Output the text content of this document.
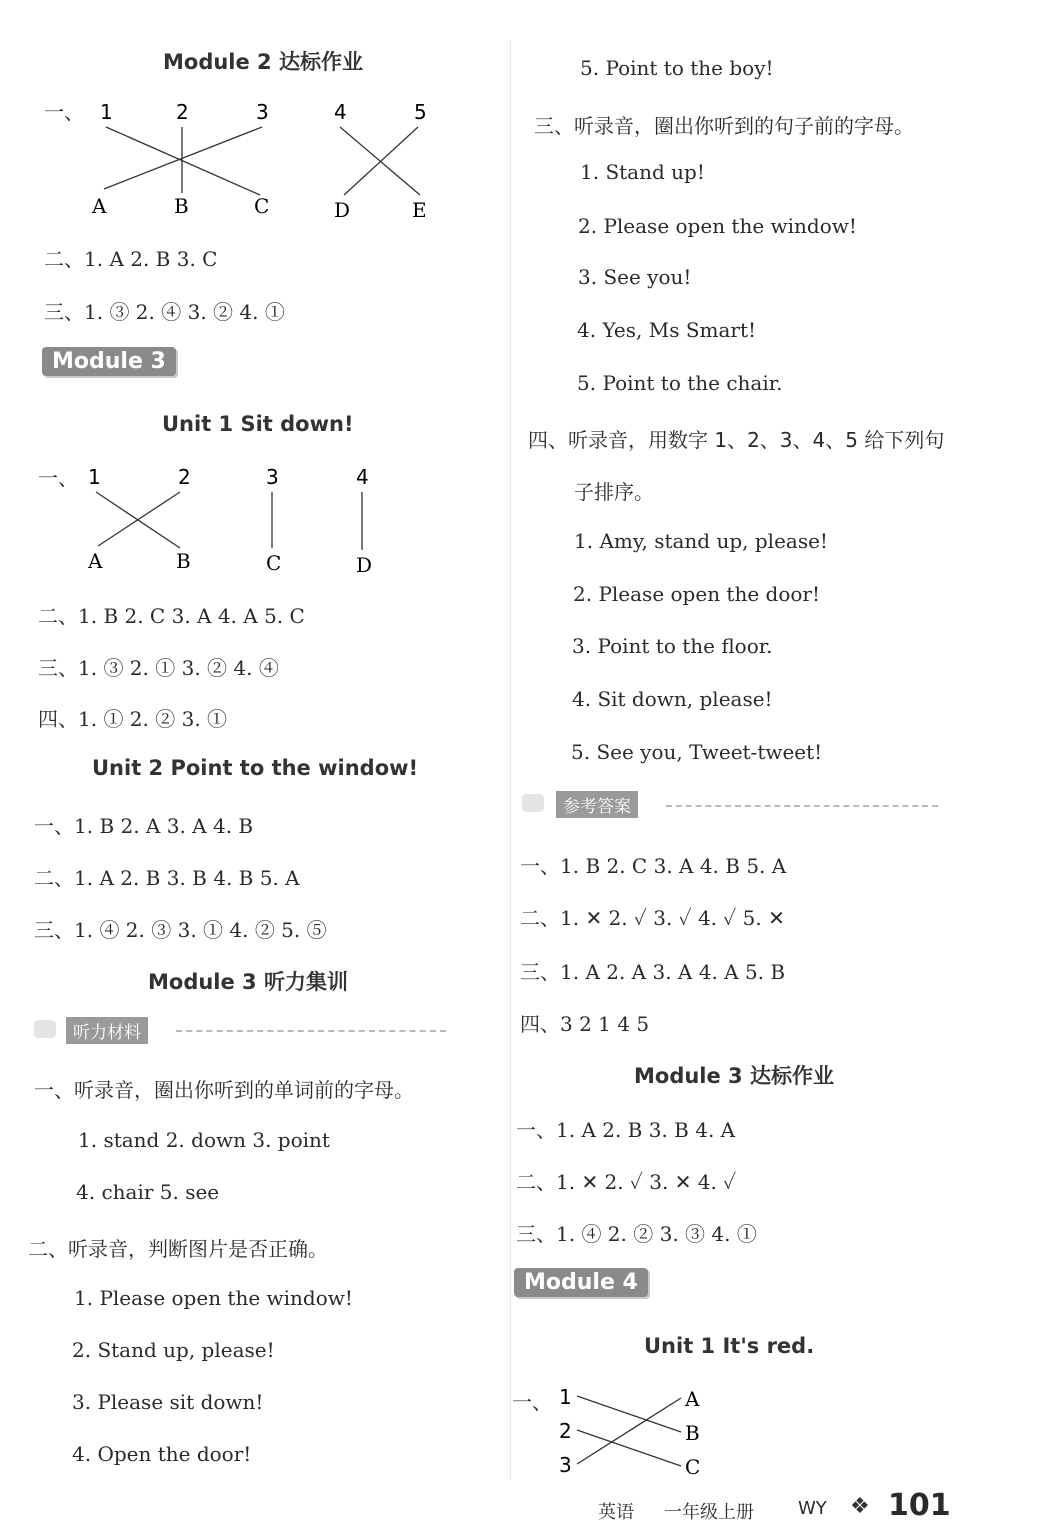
Module 2 达标作业
一、 1	2	3	4	5
A	B	C	D	E
二、1. A 2. B 3. C
三、1. ③ 2. ④ 3. ② 4. ①
Module 3
Unit 1 Sit down!
一、 1	2	3	4
A	B	C	D
二、1. B 2. C 3. A 4. A 5. C
三、1. ③ 2. ① 3. ② 4. ④
四、1. ① 2. ② 3. ①
Unit 2 Point to the window!
一、1. B 2. A 3. A 4. B
二、1. A 2. B 3. B 4. B 5. A
三、1. ④ 2. ③ 3. ① 4. ② 5. ⑤
Module 3 听力集训
听力材料
一、听录音，圈出你听到的单词前的字母。
1. stand 2. down 3. point
4. chair 5. see
二、听录音，判断图片是否正确。
1. Please open the window!
2. Stand up, please!
3. Please sit down!
4. Open the door!
5. Point to the boy!
三、听录音，圈出你听到的句子前的字母。
1. Stand up!
2. Please open the window!
3. See you!
4. Yes, Ms Smart!
5. Point to the chair.
四、听录音，用数字 1、2、3、4、5 给下列句
子排序。
1. Amy, stand up, please!
2. Please open the door!
3. Point to the floor.
4. Sit down, please!
5. See you, Tweet-tweet!
参考答案
一、1. B 2. C 3. A 4. B 5. A
二、1. ✕ 2. ✓ 3. ✓ 4. ✓ 5. ✕
三、1. A 2. A 3. A 4. A 5. B
四、3 2 1 4 5
Module 3 达标作业
一、1. A 2. B 3. B 4. A
二、1. ✕ 2. ✓ 3. ✕ 4. ✓
三、1. ④ 2. ② 3. ③ 4. ①
Module 4
Unit 1 It's red.
一、 1
2
3
A
B
C
英语 一年级上册 WY ❖ 101
